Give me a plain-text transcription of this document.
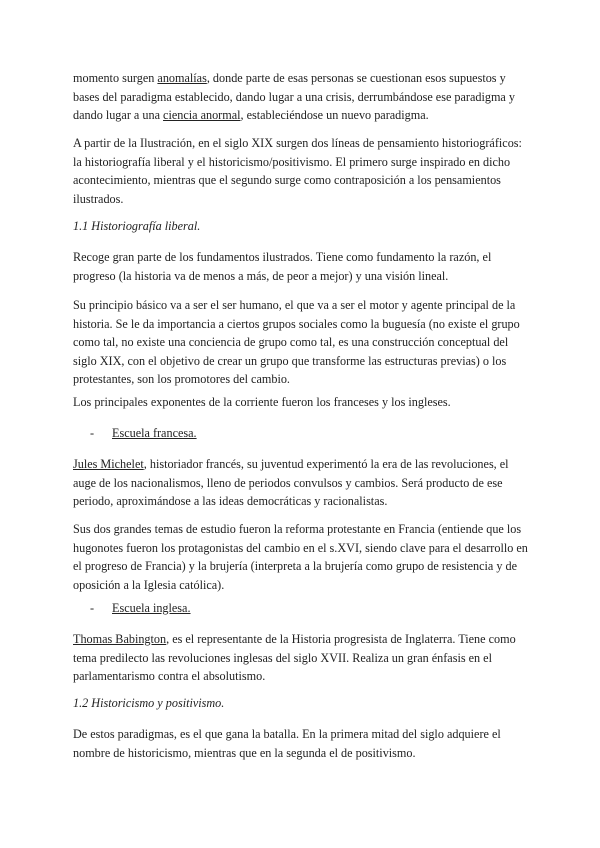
momento surgen anomalías, donde parte de esas personas se cuestionan esos supuestos y bases del paradigma establecido, dando lugar a una crisis, derrumbándose ese paradigma y dando lugar a una ciencia anormal, estableciéndose un nuevo paradigma.

A partir de la Ilustración, en el siglo XIX surgen dos líneas de pensamiento historiográficos: la historiografía liberal y el historicismo/positivismo. El primero surge inspirado en dicho acontecimiento, mientras que el segundo surge como contraposición a los pensamientos ilustrados.

1.1 Historiografía liberal.

Recoge gran parte de los fundamentos ilustrados. Tiene como fundamento la razón, el progreso (la historia va de menos a más, de peor a mejor) y una visión lineal.

Su principio básico va a ser el ser humano, el que va a ser el motor y agente principal de la historia. Se le da importancia a ciertos grupos sociales como la buguesía (no existe el grupo como tal, no existe una conciencia de grupo como tal, es una construcción conceptual del siglo XIX, con el objetivo de crear un grupo que transforme las estructuras previas) o los protestantes, son los promotores del cambio.

Los principales exponentes de la corriente fueron los franceses y los ingleses.

- Escuela francesa.

Jules Michelet, historiador francés, su juventud experimentó la era de las revoluciones, el auge de los nacionalismos, lleno de periodos convulsos y cambios. Será producto de ese periodo, aproximándose a las ideas democráticas y racionalistas.

Sus dos grandes temas de estudio fueron la reforma protestante en Francia (entiende que los hugonotes fueron los protagonistas del cambio en el s.XVI, siendo clave para el desarrollo en el progreso de Francia) y la brujería (interpreta a la brujería como grupo de resistencia y de oposición a la Iglesia católica).

- Escuela inglesa.

Thomas Babington, es el representante de la Historia progresista de Inglaterra. Tiene como tema predilecto las revoluciones inglesas del siglo XVII. Realiza un gran énfasis en el parlamentarismo contra el absolutismo.

1.2 Historicismo y positivismo.

De estos paradigmas, es el que gana la batalla. En la primera mitad del siglo adquiere el nombre de historicismo, mientras que en la segunda el de positivismo.
